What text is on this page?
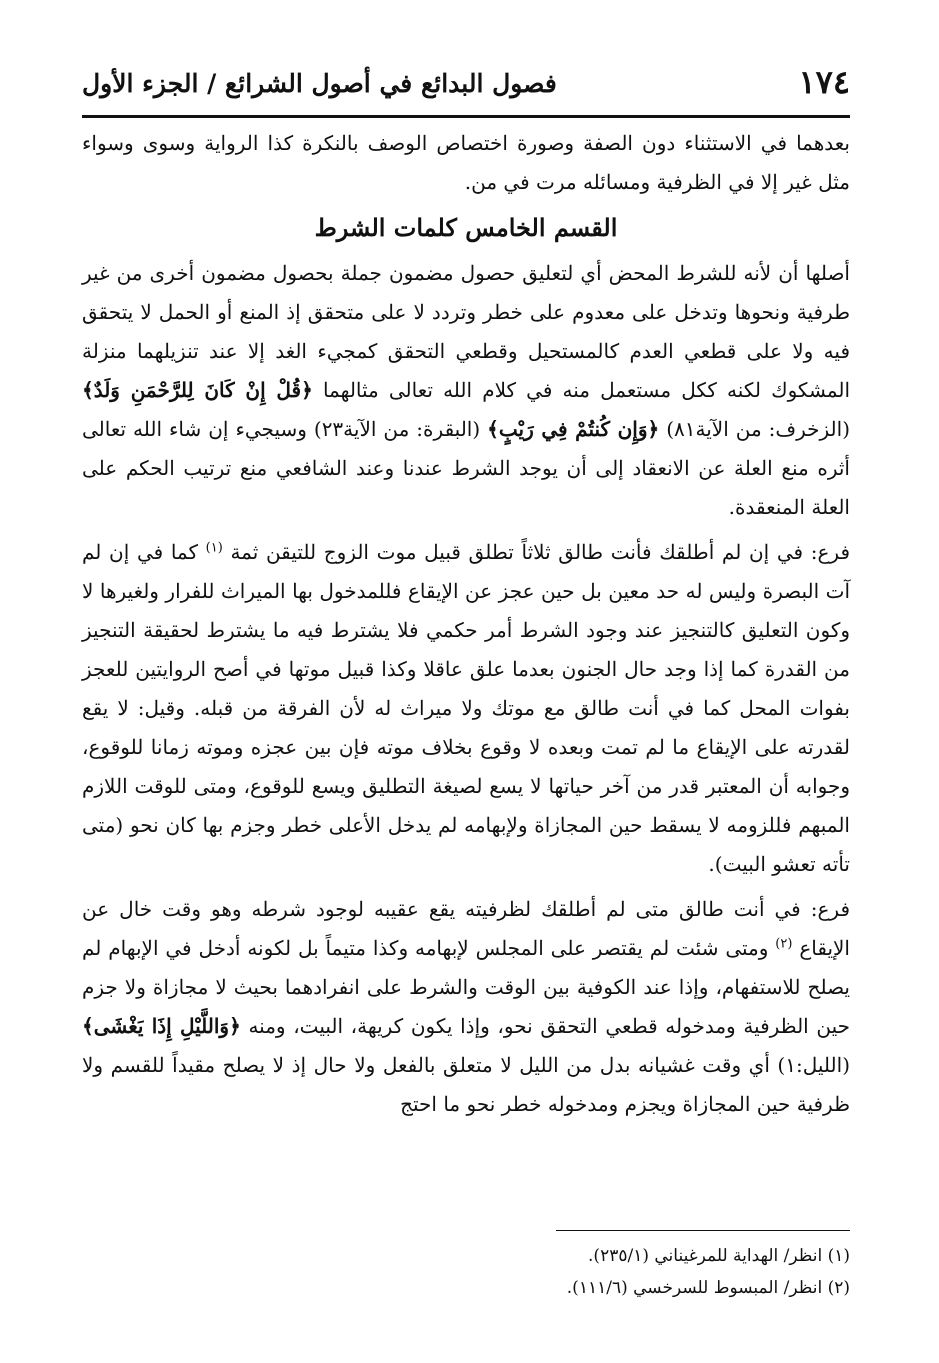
١٧٤
فصول البدائع في أصول الشرائع / الجزء الأول

بعدهما في الاستثناء دون الصفة وصورة اختصاص الوصف بالنكرة كذا الرواية وسوى وسواء مثل غير إلا في الظرفية ومسائله مرت في من.

القسم الخامس كلمات الشرط

أصلها أن لأنه للشرط المحض أي لتعليق حصول مضمون جملة بحصول مضمون أخرى من غير طرفية ونحوها وتدخل على معدوم على خطر وتردد لا على متحقق إذ المنع أو الحمل لا يتحقق فيه ولا على قطعي العدم كالمستحيل وقطعي التحقق كمجيء الغد إلا عند تنزيلهما منزلة المشكوك لكنه ككل مستعمل منه في كلام الله تعالى مثالهما ﴿قُلْ إِنْ كَانَ لِلرَّحْمَنِ وَلَدٌ﴾ (الزخرف: من الآية٨١) ﴿وَإِن كُنتُمْ فِي رَيْبٍ﴾ (البقرة: من الآية٢٣) وسيجيء إن شاء الله تعالى أثره منع العلة عن الانعقاد إلى أن يوجد الشرط عندنا وعند الشافعي منع ترتيب الحكم على العلة المنعقدة.

فرع: في إن لم أطلقك فأنت طالق ثلاثاً تطلق قبيل موت الزوج للتيقن ثمة $^{(١)}$ كما في إن لم آت البصرة وليس له حد معين بل حين عجز عن الإيقاع فللمدخول بها الميراث للفرار ولغيرها لا وكون التعليق كالتنجيز عند وجود الشرط أمر حكمي فلا يشترط فيه ما يشترط لحقيقة التنجيز من القدرة كما إذا وجد حال الجنون بعدما علق عاقلا وكذا قبيل موتها في أصح الروايتين للعجز بفوات المحل كما في أنت طالق مع موتك ولا ميراث له لأن الفرقة من قبله. وقيل: لا يقع لقدرته على الإيقاع ما لم تمت وبعده لا وقوع بخلاف موته فإن بين عجزه وموته زمانا للوقوع، وجوابه أن المعتبر قدر من آخر حياتها لا يسع لصيغة التطليق ويسع للوقوع، ومتى للوقت اللازم المبهم فللزومه لا يسقط حين المجازاة ولإبهامه لم يدخل الأعلى خطر وجزم بها كان نحو (متى تأته تعشو البيت).

فرع: في أنت طالق متى لم أطلقك لظرفيته يقع عقيبه لوجود شرطه وهو وقت خال عن الإيقاع $^{(٢)}$ ومتى شئت لم يقتصر على المجلس لإبهامه وكذا متيماً بل لكونه أدخل في الإبهام لم يصلح للاستفهام، وإذا عند الكوفية بين الوقت والشرط على انفرادهما بحيث لا مجازاة ولا جزم حين الظرفية ومدخوله قطعي التحقق نحو، وإذا يكون كريهة، البيت، ومنه ﴿وَاللَّيْلِ إِذَا يَغْشَى﴾ (الليل:١) أي وقت غشيانه بدل من الليل لا متعلق بالفعل ولا حال إذ لا يصلح مقيداً للقسم ولا ظرفية حين المجازاة ويجزم ومدخوله خطر نحو ما احتج

(١) انظر/ الهداية للمرغيناني (٢٣٥/١).

(٢) انظر/ المبسوط للسرخسي (١١١/٦).
